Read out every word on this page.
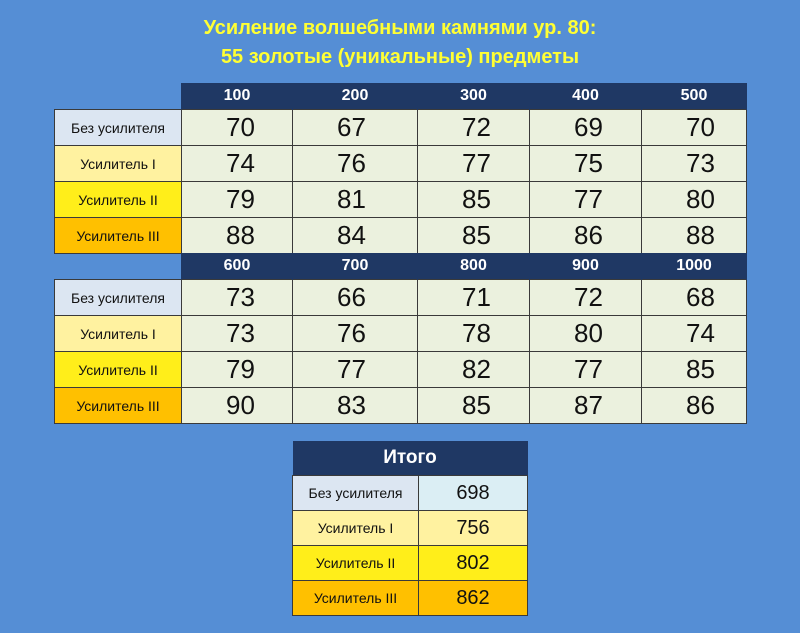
Усиление волшебными камнями ур. 80:
55 золотые (уникальные) предметы
	100	200	300	400	500
Без усилителя	70	67	72	69	70
Усилитель I	74	76	77	75	73
Усилитель II	79	81	85	77	80
Усилитель III	88	84	85	86	88
	600	700	800	900	1000
Без усилителя	73	66	71	72	68
Усилитель I	73	76	78	80	74
Усилитель II	79	77	82	77	85
Усилитель III	90	83	85	87	86
Итого	
Без усилителя	698
Усилитель I	756
Усилитель II	802
Усилитель III	862
